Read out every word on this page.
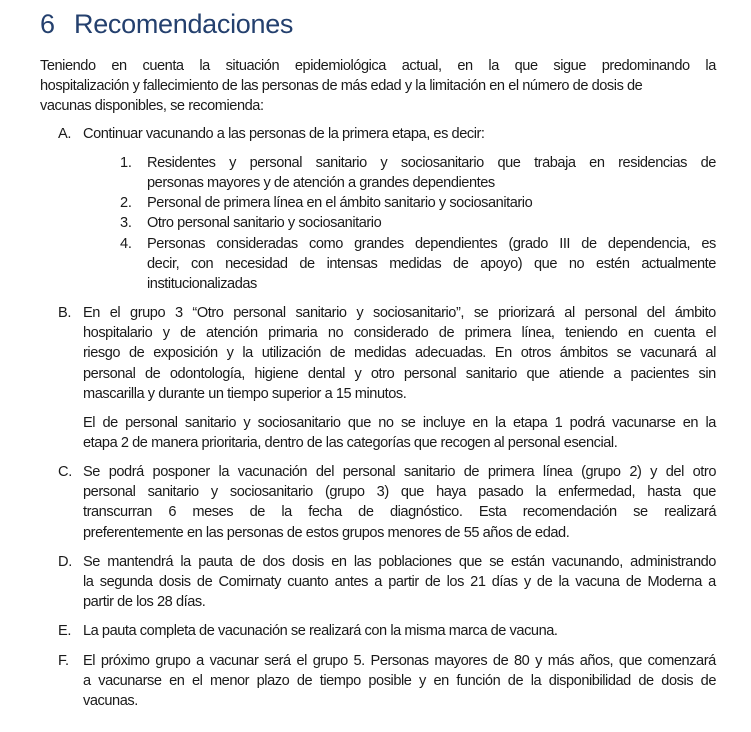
6 Recomendaciones
Teniendo en cuenta la situación epidemiológica actual, en la que sigue predominando la
hospitalización y fallecimiento de las personas de más edad y la limitación en el número de dosis de
vacunas disponibles, se recomienda:
A. Continuar vacunando a las personas de la primera etapa, es decir:
1. Residentes y personal sanitario y sociosanitario que trabaja en residencias de
personas mayores y de atención a grandes dependientes
2. Personal de primera línea en el ámbito sanitario y sociosanitario
3. Otro personal sanitario y sociosanitario
4. Personas consideradas como grandes dependientes (grado III de dependencia, es
decir, con necesidad de intensas medidas de apoyo) que no estén actualmente
institucionalizadas
B. En el grupo 3 “Otro personal sanitario y sociosanitario”, se priorizará al personal del ámbito
hospitalario y de atención primaria no considerado de primera línea, teniendo en cuenta el
riesgo de exposición y la utilización de medidas adecuadas. En otros ámbitos se vacunará al
personal de odontología, higiene dental y otro personal sanitario que atiende a pacientes sin
mascarilla y durante un tiempo superior a 15 minutos.
El de personal sanitario y sociosanitario que no se incluye en la etapa 1 podrá vacunarse en la
etapa 2 de manera prioritaria, dentro de las categorías que recogen al personal esencial.
C. Se podrá posponer la vacunación del personal sanitario de primera línea (grupo 2) y del otro
personal sanitario y sociosanitario (grupo 3) que haya pasado la enfermedad, hasta que
transcurran 6 meses de la fecha de diagnóstico. Esta recomendación se realizará
preferentemente en las personas de estos grupos menores de 55 años de edad.
D. Se mantendrá la pauta de dos dosis en las poblaciones que se están vacunando, administrando
la segunda dosis de Comirnaty cuanto antes a partir de los 21 días y de la vacuna de Moderna a
partir de los 28 días.
E. La pauta completa de vacunación se realizará con la misma marca de vacuna.
F. El próximo grupo a vacunar será el grupo 5. Personas mayores de 80 y más años, que comenzará
a vacunarse en el menor plazo de tiempo posible y en función de la disponibilidad de dosis de
vacunas.
